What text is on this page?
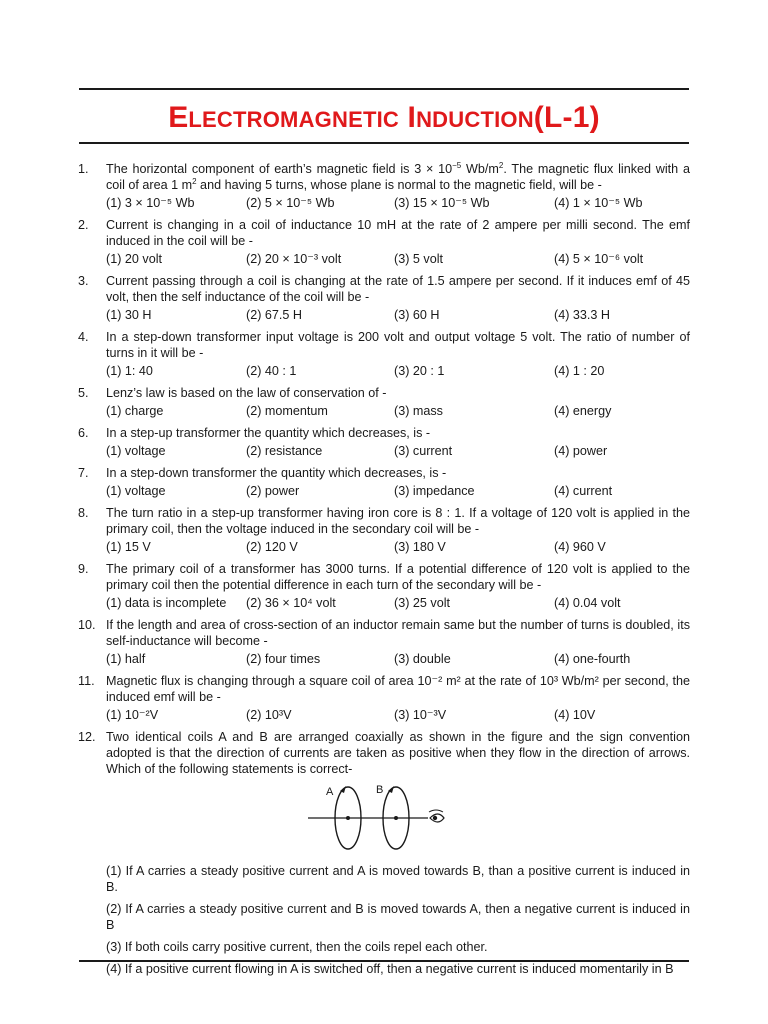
ELECTROMAGNETIC INDUCTION(L-1)
1.	The horizontal component of earth’s magnetic field is $3 \times 10^{-5}$ $Wb/m^2$. The magnetic flux linked with a coil of area 1 $m^2$ and having 5 turns, whose plane is normal to the magnetic field, will be -
(1) 3 × 10⁻⁵ Wb	(2) 5 × 10⁻⁵ Wb	(3) 15 × 10⁻⁵ Wb	(4) 1 × 10⁻⁵ Wb
2.	Current is changing in a coil of inductance 10 mH at the rate of 2 ampere per milli second. The emf induced in the coil will be -
(1) 20 volt	(2) 20 × 10⁻³ volt	(3) 5 volt	(4) 5 × 10⁻⁶ volt
3.	Current passing through a coil is changing at the rate of 1.5 ampere per second. If it induces emf of 45 volt, then the self inductance of the coil will be -
(1) 30 H	(2) 67.5 H	(3) 60 H	(4) 33.3 H
4.	In a step-down transformer input voltage is 200 volt and output voltage 5 volt. The ratio of number of turns in it will be -
(1) 1: 40	(2) 40 : 1	(3) 20 : 1	(4) 1 : 20
5.	Lenz’s law is based on the law of conservation of -
(1) charge	(2) momentum	(3) mass	(4) energy
6.	In a step-up transformer the quantity which decreases, is -
(1) voltage	(2) resistance	(3) current	(4) power
7.	In a step-down transformer the quantity which decreases, is -
(1) voltage	(2) power	(3) impedance	(4) current
8.	The turn ratio in a step-up transformer having iron core is 8 : 1. If a voltage of 120 volt is applied in the primary coil, then the voltage induced in the secondary coil will be -
(1) 15 V	(2) 120 V	(3) 180 V	(4) 960 V
9.	The primary coil of a transformer has 3000 turns. If a potential difference of 120 volt is applied to the primary coil then the potential difference in each turn of the secondary will be -
(1) data is incomplete	(2) 36 × 10⁴ volt	(3) 25 volt	(4) 0.04 volt
10. If the length and area of cross-section of an inductor remain same but the number of turns is doubled, its self-inductance will become -
(1) half	(2) four times	(3) double	(4) one-fourth
11. Magnetic flux is changing through a square coil of area 10⁻² m² at the rate of 10³ Wb/m² per second, the induced emf will be -
(1) 10⁻²V	(2) 10³V	(3) 10⁻³V	(4) 10V
12. Two identical coils A and B are arranged coaxially as shown in the figure and the sign convention adopted is that the direction of currents are taken as positive when they flow in the direction of arrows. Which of the following statements is correct-
A	B
(1) If A carries a steady positive current and A is moved towards B, than a positive current is induced in B.
(2) If A carries a steady positive current and B is moved towards A, then a negative current is induced in B
(3) If both coils carry positive current, then the coils repel each other.
(4) If a positive current flowing in A is switched off, then a negative current is induced momentarily in B
